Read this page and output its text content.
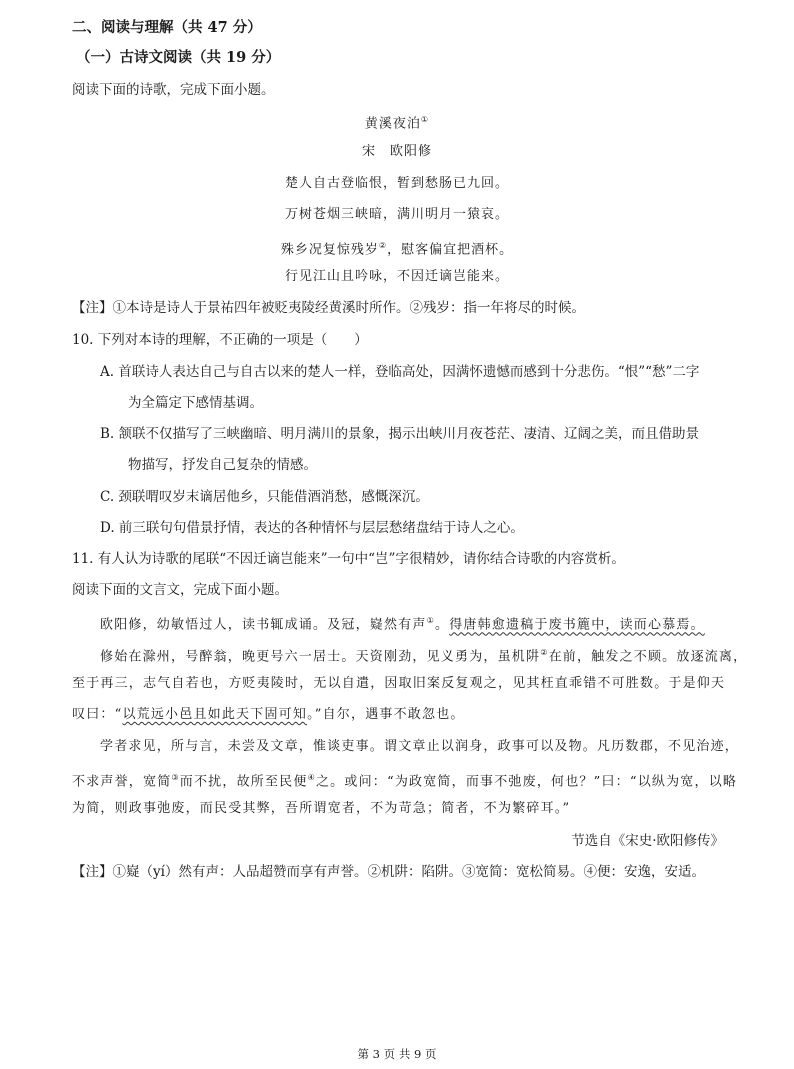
二、阅读与理解（共 47 分）
（一）古诗文阅读（共 19 分）
阅读下面的诗歌，完成下面小题。
黄溪夜泊①
宋　欧阳修
楚人自古登临恨，暂到愁肠已九回。
万树苍烟三峡暗，满川明月一猿哀。
殊乡况复惊残岁②，慰客偏宜把酒杯。
行见江山且吟咏，不因迁谪岂能来。
【注】①本诗是诗人于景祐四年被贬夷陵经黄溪时所作。②残岁：指一年将尽的时候。
10. 下列对本诗的理解，不正确的一项是（　　）
A. 首联诗人表达自己与自古以来的楚人一样，登临高处，因满怀遗憾而感到十分悲伤。“恨”“愁”二字
为全篇定下感情基调。
B. 颔联不仅描写了三峡幽暗、明月满川的景象，揭示出峡川月夜苍茫、凄清、辽阔之美，而且借助景
物描写，抒发自己复杂的情感。
C. 颈联喟叹岁末谪居他乡，只能借酒消愁，感慨深沉。
D. 前三联句句借景抒情，表达的各种情怀与层层愁绪盘结于诗人之心。
11. 有人认为诗歌的尾联“不因迁谪岂能来”一句中“岂”字很精妙，请你结合诗歌的内容赏析。
阅读下面的文言文，完成下面小题。
欧阳修，幼敏悟过人，读书辄成诵。及冠，嶷然有声①。得唐韩愈遗稿于废书簏中，读而心慕焉。
修始在滁州，号醉翁，晚更号六一居士。天资刚劲，见义勇为，虽机阱②在前，触发之不顾。放逐流离，
至于再三，志气自若也，方贬夷陵时，无以自遣，因取旧案反复观之，见其枉直乖错不可胜数。于是仰天
叹曰：“以荒远小邑且如此天下固可知。”自尔，遇事不敢忽也。
学者求见，所与言，未尝及文章，惟谈吏事。谓文章止以润身，政事可以及物。凡历数郡，不见治迹，
不求声誉，宽简③而不扰，故所至民便④之。或问：“为政宽简，而事不弛废，何也？”曰：“以纵为宽，以略
为简，则政事弛废，而民受其弊，吾所谓宽者，不为苛急；简者，不为繁碎耳。”
节选自《宋史·欧阳修传》
【注】①嶷（yí）然有声：人品超赞而享有声誉。②机阱：陷阱。③宽简：宽松简易。④便：安逸，安适。
第 3 页 共 9 页
